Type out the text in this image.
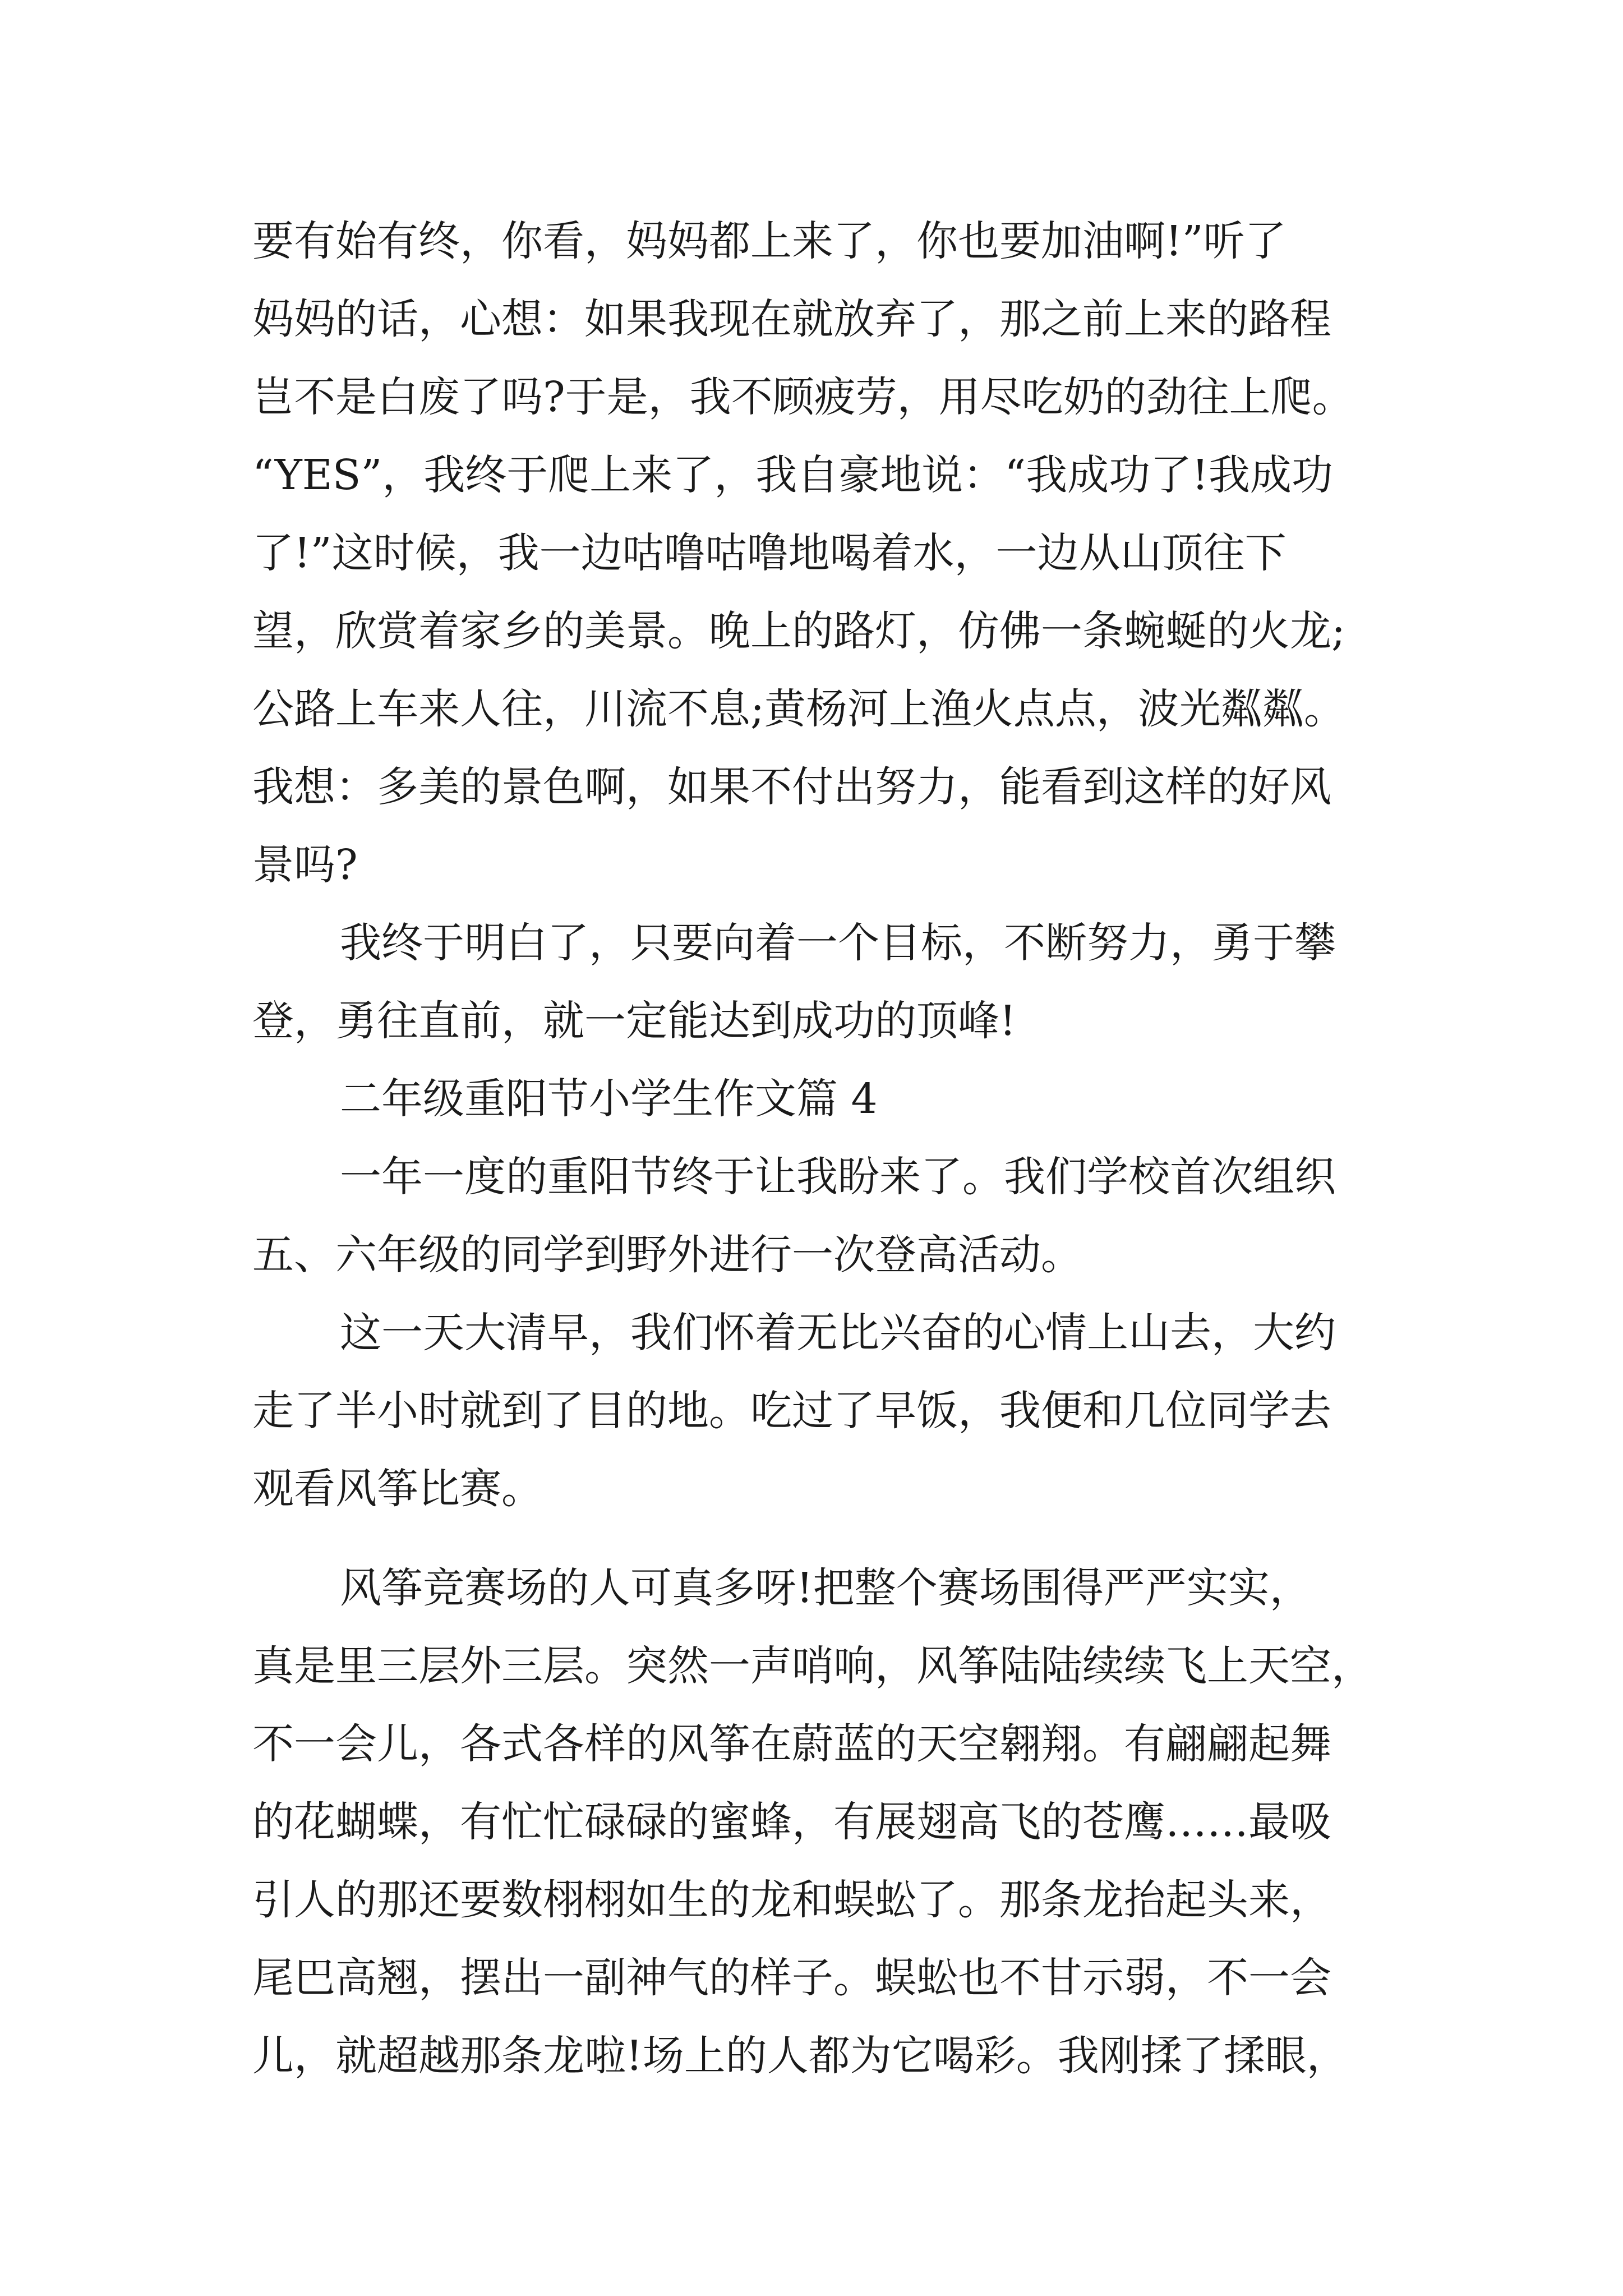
要有始有终，你看，妈妈都上来了，你也要加油啊!”听了

妈妈的话，心想：如果我现在就放弃了，那之前上来的路程

岂不是白废了吗?于是，我不顾疲劳，用尽吃奶的劲往上爬。

“YES”，我终于爬上来了，我自豪地说：“我成功了!我成功

了!”这时候，我一边咕噜咕噜地喝着水，一边从山顶往下

望，欣赏着家乡的美景。晚上的路灯，仿佛一条蜿蜒的火龙;

公路上车来人往，川流不息;黄杨河上渔火点点，波光粼粼。

我想：多美的景色啊，如果不付出努力，能看到这样的好风

景吗?

我终于明白了，只要向着一个目标，不断努力，勇于攀

登，勇往直前，就一定能达到成功的顶峰!

二年级重阳节小学生作文篇 4

一年一度的重阳节终于让我盼来了。我们学校首次组织

五、六年级的同学到野外进行一次登高活动。

这一天大清早，我们怀着无比兴奋的心情上山去，大约

走了半小时就到了目的地。吃过了早饭，我便和几位同学去

观看风筝比赛。

风筝竞赛场的人可真多呀!把整个赛场围得严严实实，

真是里三层外三层。突然一声哨响，风筝陆陆续续飞上天空，

不一会儿，各式各样的风筝在蔚蓝的天空翱翔。有翩翩起舞

的花蝴蝶，有忙忙碌碌的蜜蜂，有展翅高飞的苍鹰……最吸

引人的那还要数栩栩如生的龙和蜈蚣了。那条龙抬起头来，

尾巴高翘，摆出一副神气的样子。蜈蚣也不甘示弱，不一会

儿，就超越那条龙啦!场上的人都为它喝彩。我刚揉了揉眼，
